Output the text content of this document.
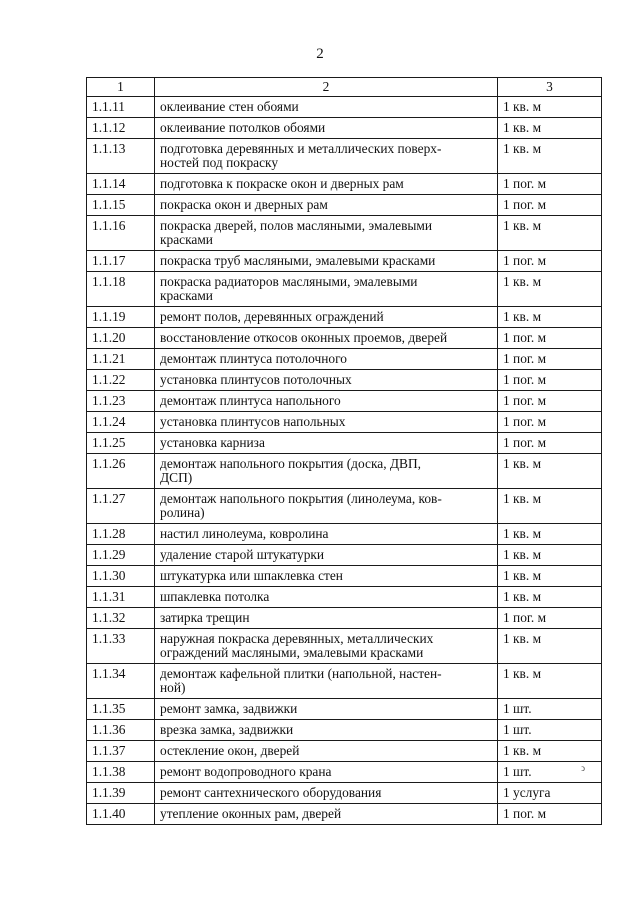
2
1	2	3
1.1.11	оклеивание стен обоями	1 кв. м
1.1.12	оклеивание потолков обоями	1 кв. м
1.1.13	подготовка деревянных и металлических поверх-
ностей под покраску	1 кв. м
1.1.14	подготовка к покраске окон и дверных рам	1 пог. м
1.1.15	покраска окон и дверных рам	1 пог. м
1.1.16	покраска дверей, полов масляными, эмалевыми
красками	1 кв. м
1.1.17	покраска труб масляными, эмалевыми красками	1 пог. м
1.1.18	покраска радиаторов масляными, эмалевыми
красками	1 кв. м
1.1.19	ремонт полов, деревянных ограждений	1 кв. м
1.1.20	восстановление откосов оконных проемов, дверей	1 пог. м
1.1.21	демонтаж плинтуса потолочного	1 пог. м
1.1.22	установка плинтусов потолочных	1 пог. м
1.1.23	демонтаж плинтуса напольного	1 пог. м
1.1.24	установка плинтусов напольных	1 пог. м
1.1.25	установка карниза	1 пог. м
1.1.26	демонтаж напольного покрытия (доска, ДВП,
ДСП)	1 кв. м
1.1.27	демонтаж напольного покрытия (линолеума, ков-
ролина)	1 кв. м
1.1.28	настил линолеума, ковролина	1 кв. м
1.1.29	удаление старой штукатурки	1 кв. м
1.1.30	штукатурка или шпаклевка стен	1 кв. м
1.1.31	шпаклевка потолка	1 кв. м
1.1.32	затирка трещин	1 пог. м
1.1.33	наружная покраска деревянных, металлических
ограждений масляными, эмалевыми красками	1 кв. м
1.1.34	демонтаж кафельной плитки (напольной, настен-
ной)	1 кв. м
1.1.35	ремонт замка, задвижки	1 шт.
1.1.36	врезка замка, задвижки	1 шт.
1.1.37	остекление окон, дверей	1 кв. м
1.1.38	ремонт водопроводного крана	1 шт.
1.1.39	ремонт сантехнического оборудования	1 услуга
1.1.40	утепление оконных рам, дверей	1 пог. м
ↄ
